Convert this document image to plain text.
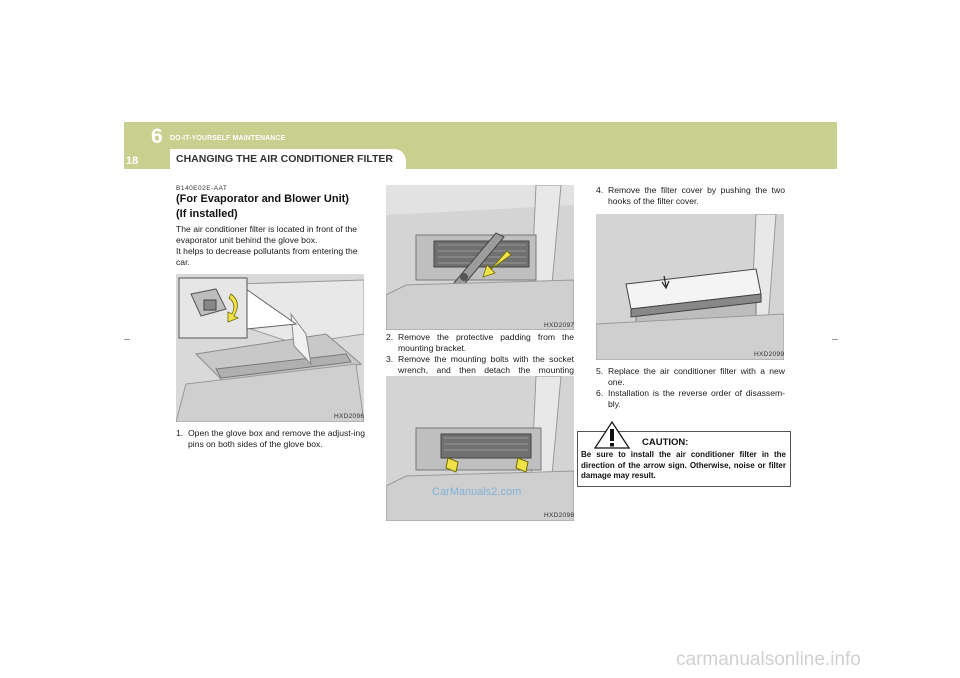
6 DO-IT-YOURSELF MAINTENANCE
18	CHANGING THE AIR CONDITIONER FILTER
B140E02E-AAT
(For Evaporator and Blower Unit)
(If installed)

The air conditioner filter is located in front of the evaporator unit behind the glove box.

It helps to decrease pollutants from entering the car.

HXD2096
1. Open the glove box and remove the adjust-ing pins on both sides of the glove box.
HXD2097
2. Remove the protective padding from the mounting bracket.
3. Remove the mounting bolts with the socket wrench, and then detach the mounting
CarManuals2.com
HXD2098
4. Remove the filter cover by pushing the two hooks of the filter cover.
HXD2099
5. Replace the air conditioner filter with a new one.
6. Installation is the reverse order of disassem-bly.
CAUTION:
Be sure to install the air conditioner filter in the direction of the arrow sign. Otherwise, noise or filter damage may result.
carmanualsonline.info
